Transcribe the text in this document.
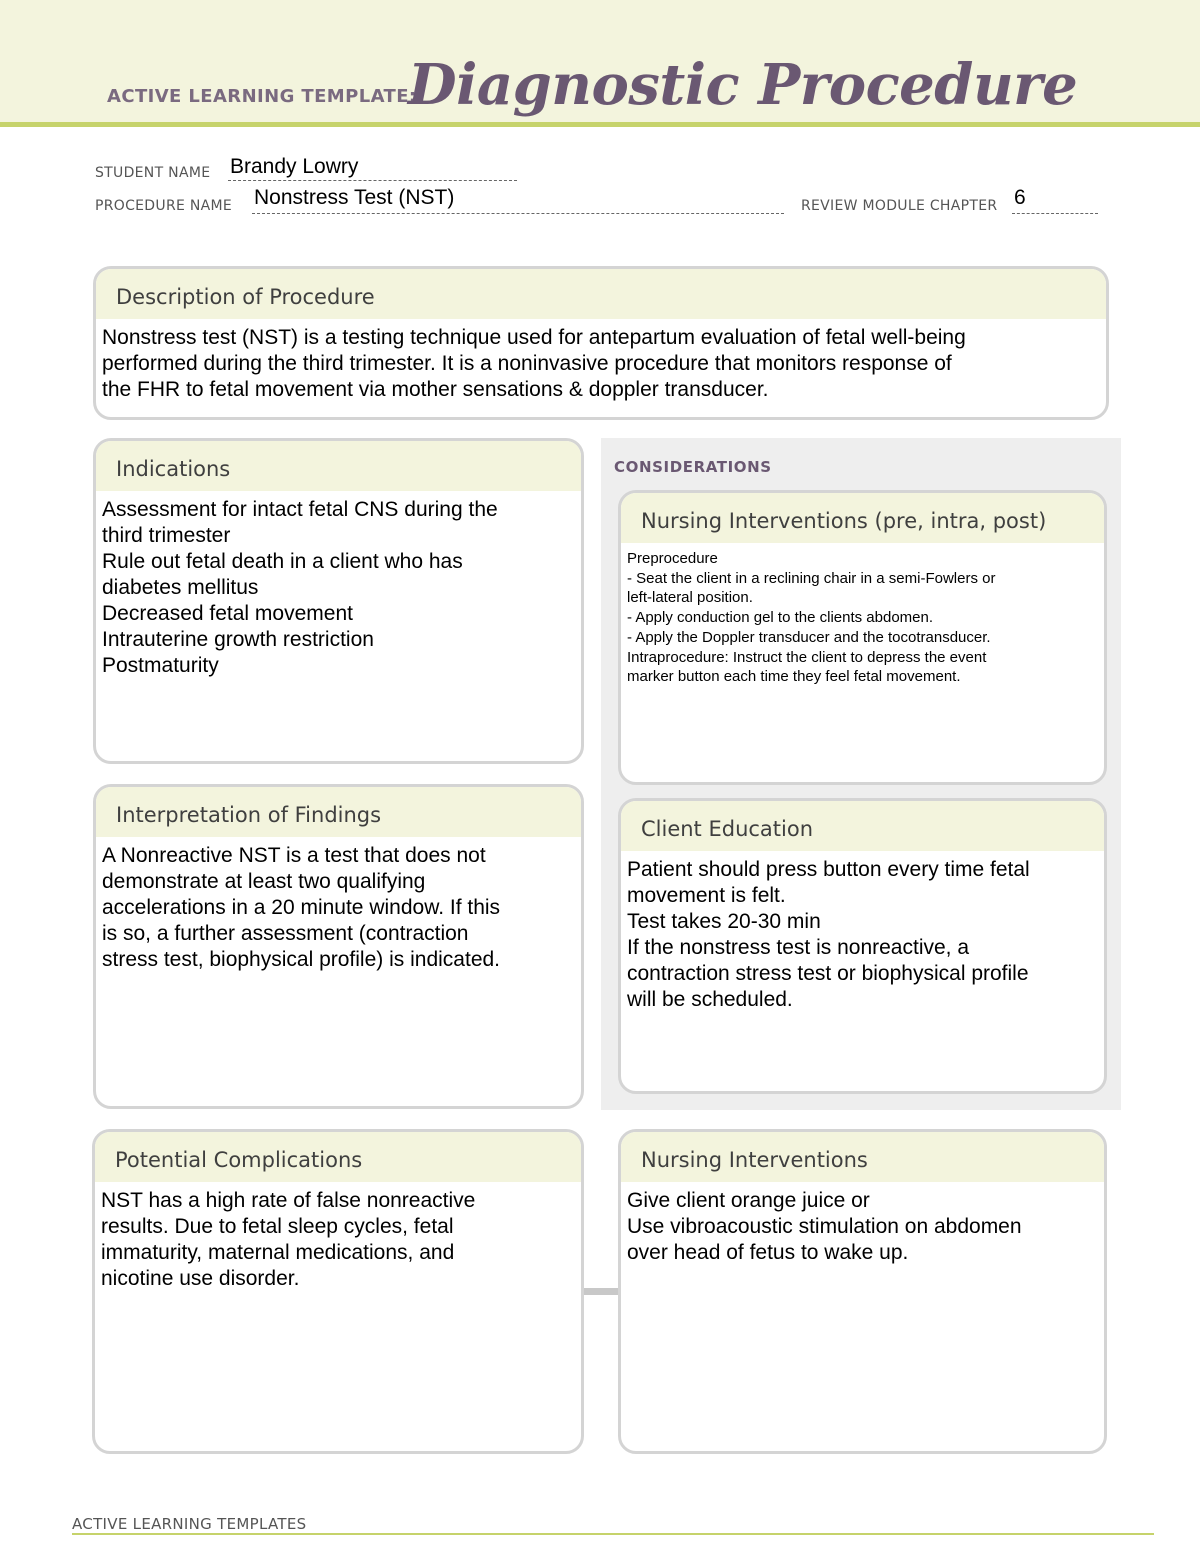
ACTIVE LEARNING TEMPLATE:
Diagnostic Procedure
STUDENT NAME Brandy Lowry
PROCEDURE NAME Nonstress Test (NST)	REVIEW MODULE CHAPTER 6
Description of Procedure
Nonstress test (NST) is a testing technique used for antepartum evaluation of fetal well-being
performed during the third trimester. It is a noninvasive procedure that monitors response of
the FHR to fetal movement via mother sensations & doppler transducer.
CONSIDERATIONS
Indications
Assessment for intact fetal CNS during the
third trimester
Rule out fetal death in a client who has
diabetes mellitus
Decreased fetal movement
Intrauterine growth restriction
Postmaturity
Nursing Interventions (pre, intra, post)
Preprocedure
- Seat the client in a reclining chair in a semi-Fowlers or
left-lateral position.
- Apply conduction gel to the clients abdomen.
- Apply the Doppler transducer and the tocotransducer.
Intraprocedure: Instruct the client to depress the event
marker button each time they feel fetal movement.
Interpretation of Findings
A Nonreactive NST is a test that does not
demonstrate at least two qualifying
accelerations in a 20 minute window. If this
is so, a further assessment (contraction
stress test, biophysical profile) is indicated.
Client Education
Patient should press button every time fetal
movement is felt.
Test takes 20-30 min
If the nonstress test is nonreactive, a
contraction stress test or biophysical profile
will be scheduled.
Potential Complications
NST has a high rate of false nonreactive
results. Due to fetal sleep cycles, fetal
immaturity, maternal medications, and
nicotine use disorder.
Nursing Interventions
Give client orange juice or
Use vibroacoustic stimulation on abdomen
over head of fetus to wake up.
ACTIVE LEARNING TEMPLATES
